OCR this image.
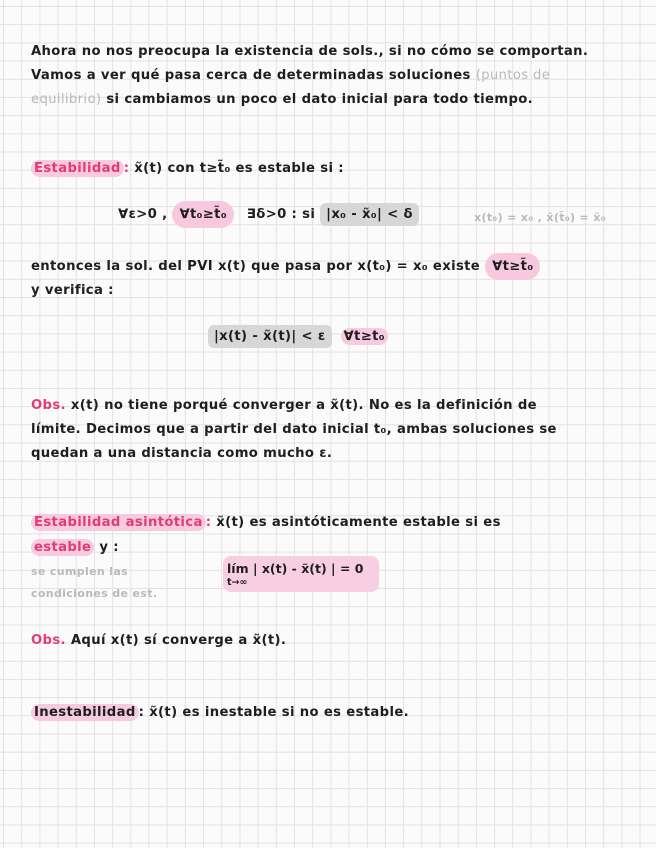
Ahora no nos preocupa la existencia de sols., si no cómo se comportan.
Vamos a ver qué pasa cerca de determinadas soluciones (puntos de
equilibrio) si cambiamos un poco el dato inicial para todo tiempo.
Estabilidad : x̃(t) con t≥t̃₀ es estable si :
∀ε>0 , ∀t₀≥t̃₀ ∃δ>0 : si |x₀ - x̃₀| < δ	x(t₀) = x₀ , x̃(t̃₀) = x̃₀
entonces la sol. del PVI x(t) que pasa por x(t₀) = x₀ existe ∀t≥t̃₀
y verifica :
|x(t) - x̃(t)| < ε ∀t≥t₀
Obs. x(t) no tiene porqué converger a x̃(t). No es la definición de
límite. Decimos que a partir del dato inicial t₀, ambas soluciones se
quedan a una distancia como mucho ε.
Estabilidad asintótica : x̃(t) es asintóticamente estable si es
estable y :
se cumplen las
condiciones de est.
lím | x(t) - x̃(t) | = 0
t→∞
Obs. Aquí x(t) sí converge a x̃(t).
Inestabilidad : x̃(t) es inestable si no es estable.
